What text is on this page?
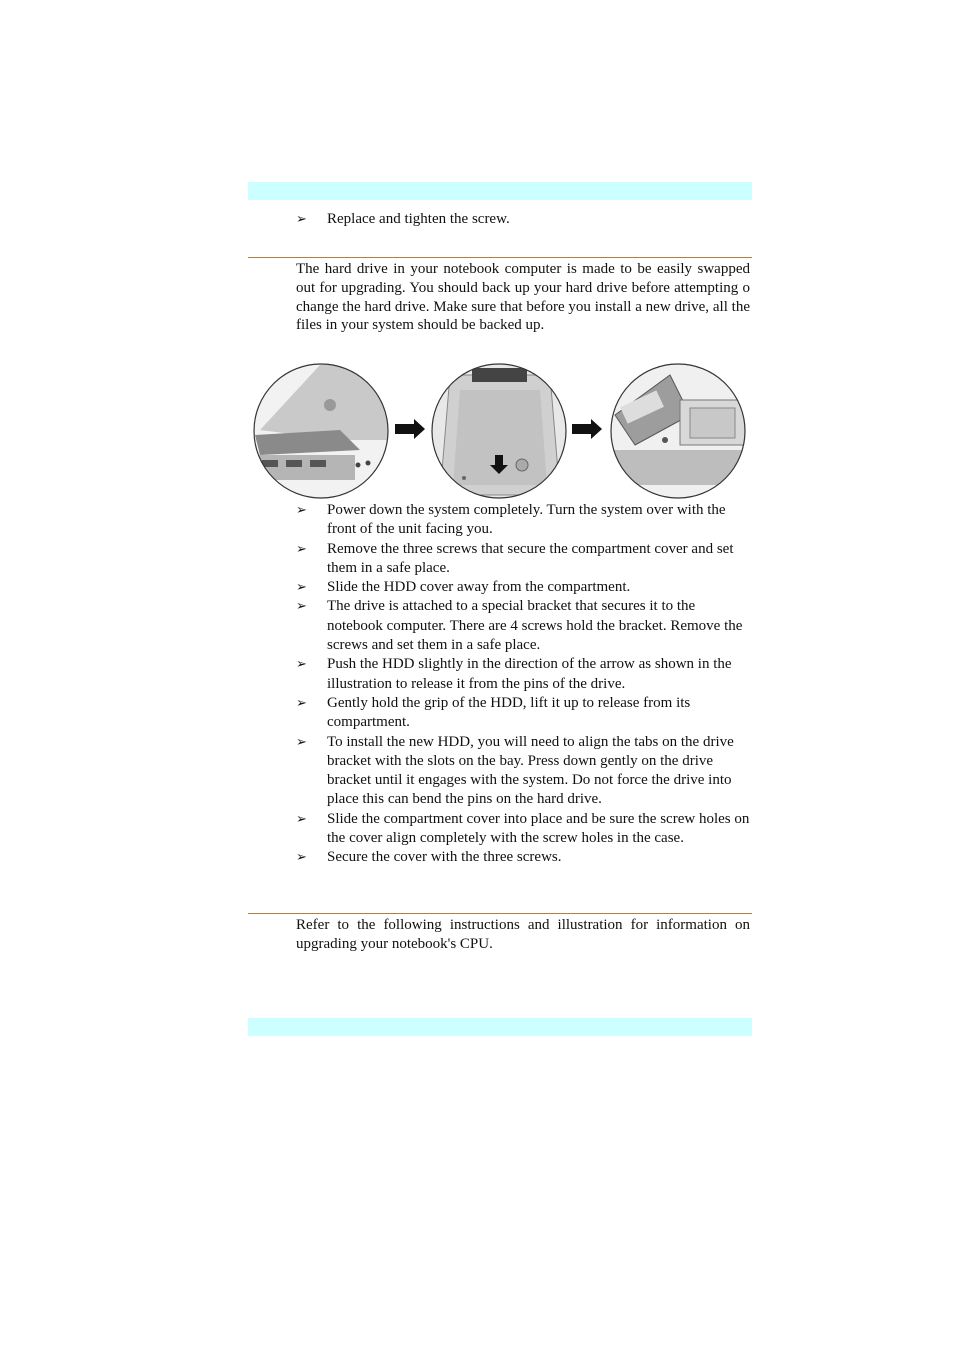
➢	Replace and tighten the screw.

The hard drive in your notebook computer is made to be easily swapped out for upgrading. You should back up your hard drive before attempting o change the hard drive. Make sure that before you install a new drive, all the files in your system should be backed up.

➢	Power down the system completely. Turn the system over with the front of the unit facing you.
➢	Remove the three screws that secure the compartment cover and set them in a safe place.
➢	Slide the HDD cover away from the compartment.
➢	The drive is attached to a special bracket that secures it to the notebook computer. There are 4 screws hold the bracket. Remove the screws and set them in a safe place.
➢	Push the HDD slightly in the direction of the arrow as shown in the illustration to release it from the pins of the drive.
➢	Gently hold the grip of the HDD, lift it up to release from its compartment.
➢	To install the new HDD, you will need to align the tabs on the drive bracket with the slots on the bay. Press down gently on the drive bracket until it engages with the system. Do not force the drive into place this can bend the pins on the hard drive.
➢	Slide the compartment cover into place and be sure the screw holes on the cover align completely with the screw holes in the case.
➢	Secure the cover with the three screws.

Refer to the following instructions and illustration for information on upgrading your notebook's CPU.
